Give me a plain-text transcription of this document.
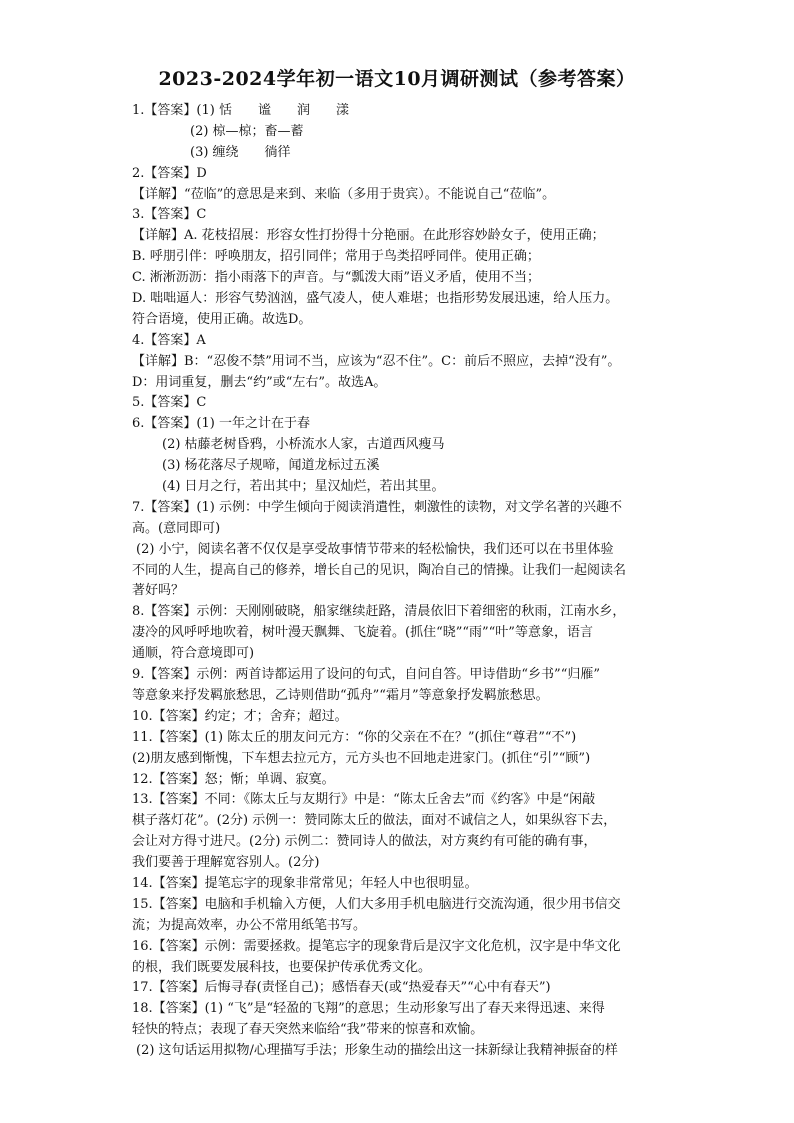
2023-2024学年初一语文10月调研测试（参考答案）
1.【答案】(1) 恬　　谧　　润　　漾
(2) 椋—椋；畜—蓄
(3) 缠绕　　徜徉
2.【答案】D
【详解】“莅临”的意思是来到、来临（多用于贵宾）。不能说自己“莅临”。
3.【答案】C
【详解】A. 花枝招展：形容女性打扮得十分艳丽。在此形容妙龄女子，使用正确；
B. 呼朋引伴：呼唤朋友，招引同伴；常用于鸟类招呼同伴。使用正确；
C. 淅淅沥沥：指小雨落下的声音。与“瓢泼大雨”语义矛盾，使用不当；
D. 咄咄逼人：形容气势汹汹，盛气凌人，使人难堪；也指形势发展迅速，给人压力。
符合语境，使用正确。故选D。
4.【答案】A
【详解】B：“忍俊不禁”用词不当，应该为“忍不住”。C：前后不照应，去掉“没有”。
D：用词重复，删去“约”或“左右”。故选A。
5.【答案】C
6.【答案】(1) 一年之计在于春
(2) 枯藤老树昏鸦，小桥流水人家，古道西风瘦马
(3) 杨花落尽子规啼，闻道龙标过五溪
(4) 日月之行，若出其中；星汉灿烂，若出其里。
7.【答案】(1) 示例：中学生倾向于阅读消遣性，刺激性的读物，对文学名著的兴趣不
高。(意同即可)
(2) 小宁，阅读名著不仅仅是享受故事情节带来的轻松愉快，我们还可以在书里体验
不同的人生，提高自己的修养，增长自己的见识，陶冶自己的情操。让我们一起阅读名
著好吗？
8.【答案】示例：天刚刚破晓，船家继续赶路，清晨依旧下着细密的秋雨，江南水乡，
凄冷的风呼呼地吹着，树叶漫天飘舞、飞旋着。(抓住“晓”“雨”“叶”等意象，语言
通顺，符合意境即可)
9.【答案】示例：两首诗都运用了设问的句式，自问自答。甲诗借助“乡书”“归雁”
等意象来抒发羁旅愁思，乙诗则借助“孤舟”“霜月”等意象抒发羁旅愁思。
10.【答案】约定；才；舍弃；超过。
11.【答案】(1) 陈太丘的朋友问元方：“你的父亲在不在？”(抓住“尊君”“不”)
(2)朋友感到惭愧，下车想去拉元方，元方头也不回地走进家门。(抓住“引”“顾”)
12.【答案】怒；惭；单调、寂寞。
13.【答案】不同：《陈太丘与友期行》中是：“陈太丘舍去”而《约客》中是“闲敲
棋子落灯花”。(2分) 示例一：赞同陈太丘的做法，面对不诚信之人，如果纵容下去，
会让对方得寸进尺。(2分) 示例二：赞同诗人的做法，对方爽约有可能的确有事，
我们要善于理解宽容别人。(2分)
14.【答案】提笔忘字的现象非常常见；年轻人中也很明显。
15.【答案】电脑和手机输入方便，人们大多用手机电脑进行交流沟通，很少用书信交
流；为提高效率，办公不常用纸笔书写。
16.【答案】示例：需要拯救。提笔忘字的现象背后是汉字文化危机，汉字是中华文化
的根，我们既要发展科技，也要保护传承优秀文化。
17.【答案】后悔寻春(责怪自己)；感悟春天(或“热爱春天”“心中有春天”)
18.【答案】(1) “飞”是“轻盈的飞翔”的意思；生动形象写出了春天来得迅速、来得
轻快的特点；表现了春天突然来临给“我”带来的惊喜和欢愉。
(2) 这句话运用拟物/心理描写手法；形象生动的描绘出这一抹新绿让我精神振奋的样
